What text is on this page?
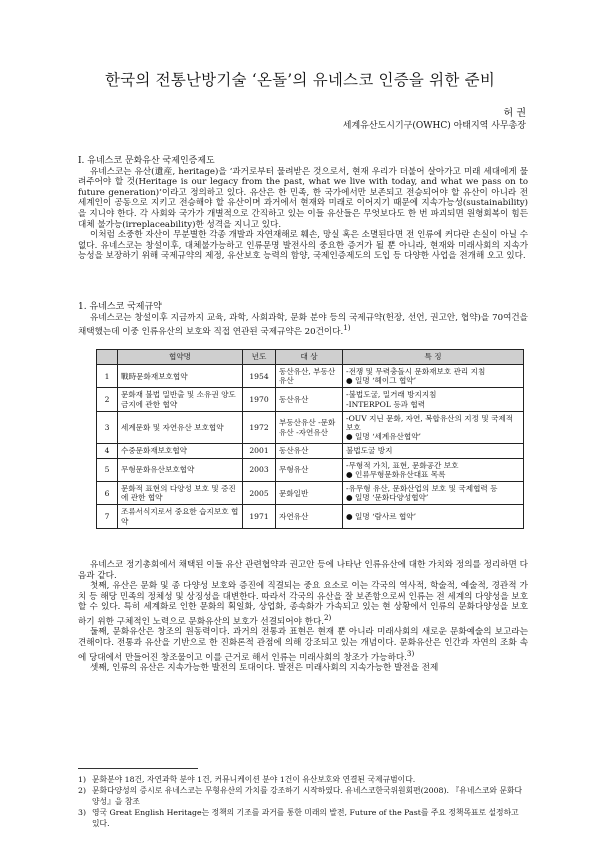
한국의 전통난방기술 ‘온돌’의 유네스코 인증을 위한 준비
허 권
세계유산도시기구(OWHC) 아태지역 사무총장

I. 유네스코 문화유산 국제인증제도

유네스코는 유산(遺産, heritage)을 ‘과거로부터 물려받은 것으로서, 현재 우리가 더불어 살아가고 미래 세대에게 물려주어야 할 것(Heritage is our legacy from the past, what we live with today, and what we pass on to future generation)’이라고 정의하고 있다. 유산은 한 민족, 한 국가에서만 보존되고 전승되어야 할 유산이 아니라 전 세계인이 공동으로 지키고 전승해야 할 유산이며 과거에서 현재와 미래로 이어지기 때문에 지속가능성(sustainability)을 지니야 한다. 각 사회와 국가가 개별적으로 간직하고 있는 이들 유산들은 무엇보다도 한 번 파괴되면 원형회복이 힘든 대체 불가능(irreplaceability)한 성격을 지니고 있다.

이처럼 소중한 자산이 무분별한 각종 개발과 자연재해로 훼손, 망실 혹은 소멸된다면 전 인류에 커다란 손실이 아닐 수 없다. 유네스코는 창설이후, 대체불가능하고 인류문명 발전사의 중요한 증거가 될 뿐 아니라, 현재와 미래사회의 지속가능성을 보장하기 위해 국제규약의 제정, 유산보호 능력의 함양, 국제인증제도의 도입 등 다양한 사업을 전개해 오고 있다.

1. 유네스코 국제규약

유네스코는 창설이후 지금까지 교육, 과학, 사회과학, 문화 분야 등의 국제규약(헌장, 선언, 권고안, 협약)을 70여건을 채택했는데 이중 인류유산의 보호와 직접 연관된 국제규약은 20건이다.$^{1)}$

	협약명	년도	대 상	특 징
1	戰時문화재보호협약	1954	동산유산, 부동산유산	-전쟁 및 무력충돌시 문화재보호 관리 지침
● 일명 ‘헤이그 협약’

2	문화재 불법 밀반출 및 소유권 양도 금지에 관한 협약	1970	동산유산	-불법도굴, 밀거래 방지지침
-INTERPOL 등과 협력

3	세계문화 및 자연유산 보호협약	1972	부동산유산 -문화유산 -자연유산	-OUV 지닌 문화, 자연, 복합유산의 지정 및 국제적 보호
● 일명 ‘세계유산협약’

4	수중문화재보호협약	2001	동산유산	불법도굴 방지

5	무형문화유산보호협약	2003	무형유산	-무형적 가치, 표현, 문화공간 보호
● 인류무형문화유산대표 목록

6	문화적 표현의 다양성 보호 및 증진에 관한 협약	2005	문화일반	-유무형 유산, 문화산업의 보호 및 국제협력 등
● 일명 ‘문화다양성협약’

7	조류서식지로서 중요한 습지보호 협약	1971	자연유산	● 일명 ‘람사르 협약’

유네스코 정기총회에서 채택된 이들 유산 관련협약과 권고안 등에 나타난 인류유산에 대한 가치와 정의를 정리하면 다음과 같다.

첫째, 유산은 문화 및 종 다양성 보호와 증진에 직결되는 중요 요소로 이는 각국의 역사적, 학술적, 예술적, 경관적 가치 등 해당 민족의 정체성 및 상징성을 대변한다. 따라서 각국의 유산을 잘 보존함으로써 인류는 전 세계의 다양성을 보호할 수 있다. 특히 세계화로 인한 문화의 획일화, 상업화, 종속화가 가속되고 있는 현 상황에서 인류의 문화다양성을 보호하기 위한 구체적인 노력으로 문화유산의 보호가 선결되어야 한다.$^{2)}$

둘째, 문화유산은 창조의 원동력이다. 과거의 전통과 표현은 현재 뿐 아니라 미래사회의 새로운 문화예술의 보고라는 견해이다. 전통과 유산을 기반으로 한 진화론적 관점에 의해 강조되고 있는 개념이다. 문화유산은 인간과 자연의 조화 속에 당대에서 만들어진 창조물이고 이를 근거로 해서 인류는 미래사회의 창조가 가능하다.$^{3)}$

셋째, 인류의 유산은 지속가능한 발전의 토대이다. 발전은 미래사회의 지속가능한 발전을 전제

1) 문화분야 18건, 자연과학 분야 1건, 커뮤니케이션 분야 1건이 유산보호와 연결된 국제규범이다.
2) 문화다양성의 증시로 유네스코는 무형유산의 가치를 강조하기 시작하였다. 유네스코한국위원회편(2008). 『유네스코와 문화다양성』을 참조
3) 영국 Great English Heritage는 정책의 기조를 과거를 통한 미래의 발전, Future of the Past를 주요 정책목표로 설정하고 있다.
